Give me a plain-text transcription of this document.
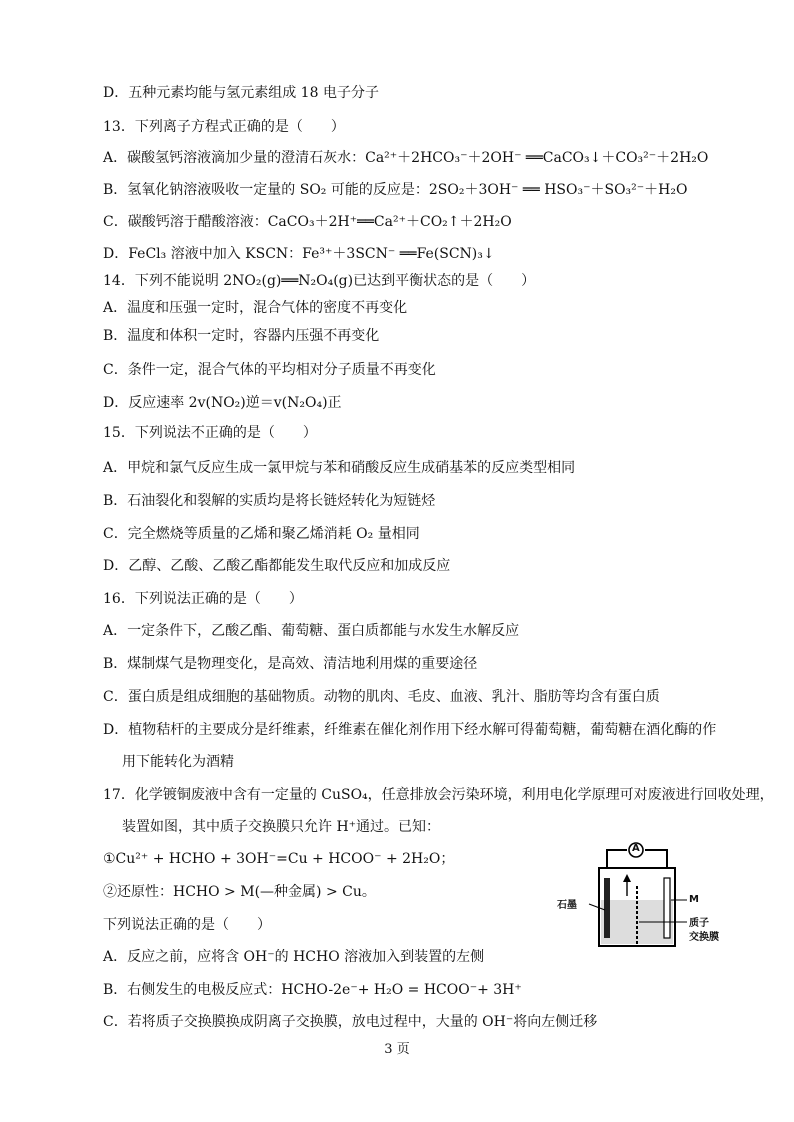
D．五种元素均能与氢元素组成 18 电子分子
13．下列离子方程式正确的是（　　）
A．碳酸氢钙溶液滴加少量的澄清石灰水：Ca²⁺＋2HCO₃⁻＋2OH⁻ ══CaCO₃↓＋CO₃²⁻＋2H₂O
B．氢氧化钠溶液吸收一定量的 SO₂ 可能的反应是：2SO₂＋3OH⁻ ══ HSO₃⁻＋SO₃²⁻＋H₂O
C．碳酸钙溶于醋酸溶液：CaCO₃＋2H⁺══Ca²⁺＋CO₂↑＋2H₂O
D．FeCl₃ 溶液中加入 KSCN：Fe³⁺＋3SCN⁻ ══Fe(SCN)₃↓
14．下列不能说明 2NO₂(g)══N₂O₄(g)已达到平衡状态的是（　　）
A．温度和压强一定时，混合气体的密度不再变化
B．温度和体积一定时，容器内压强不再变化
C．条件一定，混合气体的平均相对分子质量不再变化
D．反应速率 2v(NO₂)逆＝v(N₂O₄)正
15．下列说法不正确的是（　　）
A．甲烷和氯气反应生成一氯甲烷与苯和硝酸反应生成硝基苯的反应类型相同
B．石油裂化和裂解的实质均是将长链烃转化为短链烃
C．完全燃烧等质量的乙烯和聚乙烯消耗 O₂ 量相同
D．乙醇、乙酸、乙酸乙酯都能发生取代反应和加成反应
16．下列说法正确的是（　　）
A．一定条件下，乙酸乙酯、葡萄糖、蛋白质都能与水发生水解反应
B．煤制煤气是物理变化，是高效、清洁地利用煤的重要途径
C．蛋白质是组成细胞的基础物质。动物的肌肉、毛皮、血液、乳汁、脂肪等均含有蛋白质
D．植物秸杆的主要成分是纤维素，纤维素在催化剂作用下经水解可得葡萄糖，葡萄糖在酒化酶的作
用下能转化为酒精
17．化学镀铜废液中含有一定量的 CuSO₄，任意排放会污染环境，利用电化学原理可对废液进行回收处理，
装置如图，其中质子交换膜只允许 H⁺通过。已知：
①Cu²⁺ + HCHO + 3OH⁻=Cu + HCOO⁻ + 2H₂O；
②还原性：HCHO > M(—种金属) > Cu。
下列说法正确的是（　　）
A．反应之前，应将含 OH⁻的 HCHO 溶液加入到装置的左侧
B．右侧发生的电极反应式：HCHO-2e⁻+ H₂O = HCOO⁻+ 3H⁺
C．若将质子交换膜换成阴离子交换膜，放电过程中，大量的 OH⁻将向左侧迁移
A
石墨
M
质子
交换膜
3 页
